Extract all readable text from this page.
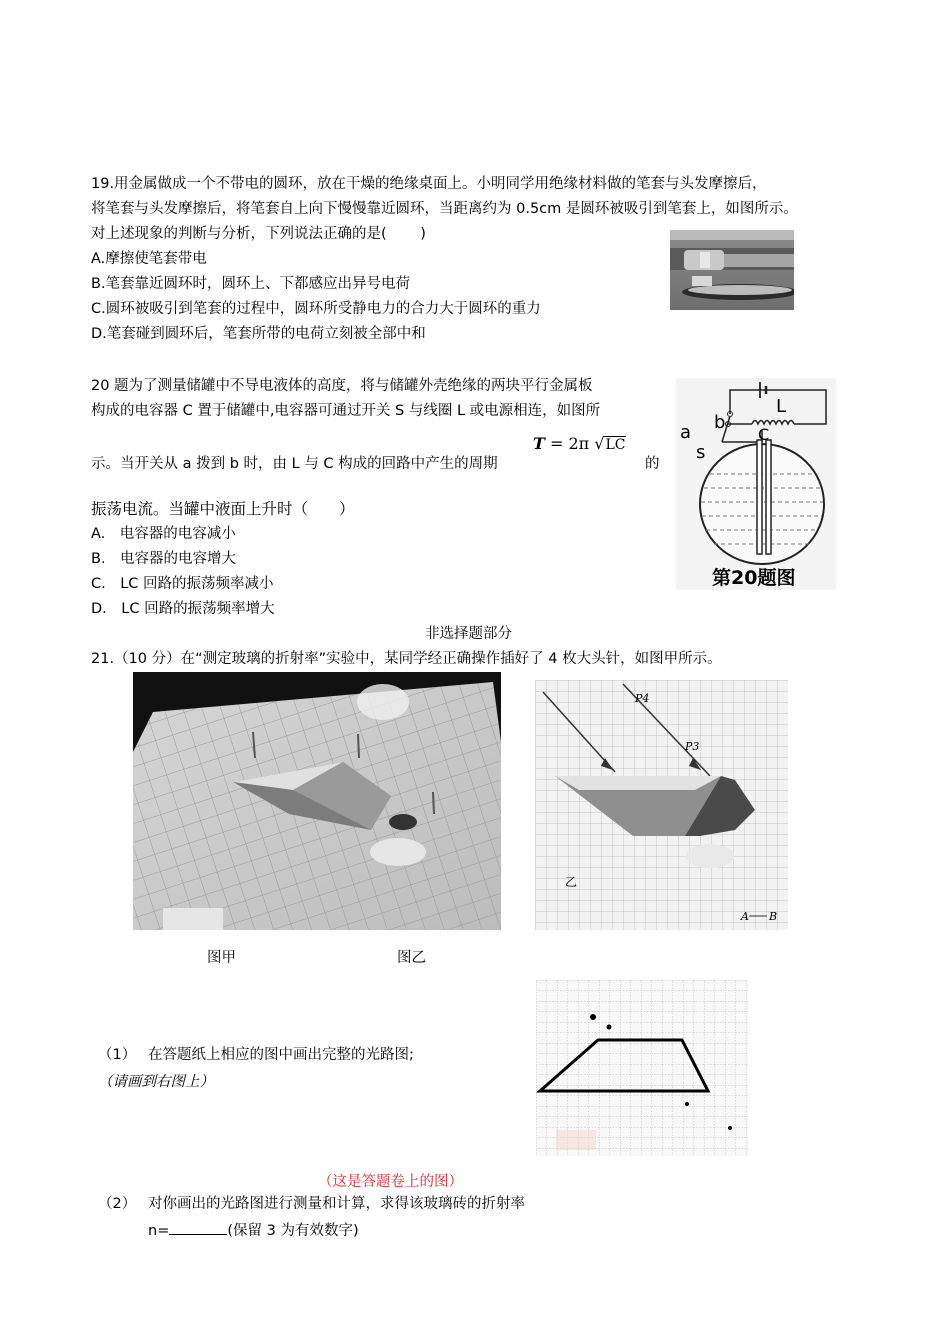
19.用金属做成一个不带电的圆环，放在干燥的绝缘桌面上。小明同学用绝缘材料做的笔套与头发摩擦后，
将笔套与头发摩擦后，将笔套自上向下慢慢靠近圆环，当距离约为 0.5cm 是圆环被吸引到笔套上，如图所示。
对上述现象的判断与分析，下列说法正确的是(　　 )
A.摩擦使笔套带电
B.笔套靠近圆环时，圆环上、下都感应出异号电荷
C.圆环被吸引到笔套的过程中，圆环所受静电力的合力大于圆环的重力
D.笔套碰到圆环后，笔套所带的电荷立刻被全部中和
20 题为了测量储罐中不导电液体的高度，将与储罐外壳绝缘的两块平行金属板
构成的电容器 C 置于储罐中,电容器可通过开关 S 与线圈 L 或电源相连，如图所
示。当开关从 a 拨到 b 时，由 L 与 C 构成的回路中产生的周期
T = 2π √LC
的
振荡电流。当罐中液面上升时（　　）
A.　电容器的电容减小
B.　电容器的电容增大
C.　LC 回路的振荡频率减小
D.　LC 回路的振荡频率增大
L
b
a
s
C
第20题图
非选择题部分
21.（10 分）在“测定玻璃的折射率”实验中，某同学经正确操作插好了 4 枚大头针，如图甲所示。
P4
P3
乙
A B
图甲	图乙
（1） 在答题纸上相应的图中画出完整的光路图;
（请画到右图上）
（这是答题卷上的图）
（2） 对你画出的光路图进行测量和计算，求得该玻璃砖的折射率
n=	(保留 3 为有效数字)
